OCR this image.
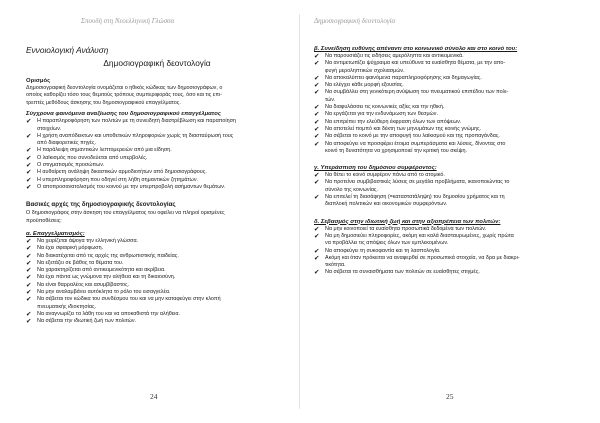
Σπουδή στη Νεοελληνική Γλώσσα
Εννοιολογική Ανάλυση
Δημοσιογραφική δεοντολογία
Ορισμός

Δημοσιογραφική δεοντολογία ονομάζεται ο ηθικός κώδικας των δημοσιογράφων, ο

οποίος καθορίζει τόσο τους θεμιτούς τρόπους συμπεριφοράς τους, όσο και τις επι-

τρεπτές μεθόδους άσκησης του δημοσιογραφικού επαγγέλματος.

Σύγχρονα φαινόμενα αναξίωσης του δημοσιογραφικού επαγγέλματος
✔ Η παραπληροφόρηση των πολιτών με τη συνειδητή διαστρέβλωση και παραποίηση
στοιχείων.
✔ Η χρήση αναπόδεικτων και υποθετικών πληροφοριών χωρίς τη διασταύρωσή τους
από διαφορετικές πηγές.
✔ Η παράλειψη σημαντικών λεπτομερειών από μια είδηση.
✔ Ο λαϊκισμός που συνοδεύεται από υπερβολές.
✔ Ο στιγματισμός προσώπων.
✔ Η αυθαίρετη ανάληψη δικαστικών αρμοδιοτήτων από δημοσιογράφους.
✔ Η υπερπληροφόρηση που οδηγεί στη λήθη σημαντικών ζητημάτων.
✔ Ο αποπροσανατολισμός του κοινού με την υπερπροβολή ασήμαντων θεμάτων.
Βασικές αρχές της δημοσιογραφικής δεοντολογίας

Ο δημοσιογράφος στην άσκηση του επαγγέλματος του οφείλει να πληροί ορισμένες

προϋποθέσεις:

α. Επαγγελματισμός:
✔ Να χειρίζεται άψογα την ελληνική γλώσσα.
✔ Να έχει σφαιρική μόρφωση.
✔ Να διακατέχεται από τις αρχές της ανθρωπιστικής παιδείας.
✔ Να εξετάζει σε βάθος τα θέματα του.
✔ Να χαρακτηρίζεται από αντικειμενικότητα και ακρίβεια.
✔ Να έχει πάντα ως γνώμονα την αλήθεια και τη δικαιοσύνη.
✔ Να είναι θαρραλέος και ασυμβίβαστος.
✔ Να μην αναλαμβάνει αυτόκλητα το ρόλο του εισαγγελέα.
✔ Να σέβεται τον κώδικα του συνδέσμου του και να μην καταφεύγει στην κλοπή
πνευματικής ιδιοκτησίας.
✔ Να αναγνωρίζει τα λάθη του και να αποκαθιστά την αλήθεια.
✔ Να σέβεται την ιδιωτική ζωή των πολιτών.
24
Δημοσιογραφική δεοντολογία
β. Συνείδηση ευθύνης απέναντι στο κοινωνικό σύνολο και στο κοινό του:
✔ Να παρουσιάζει τις ειδήσεις αμερόληπτα και αντικειμενικά.
✔ Να αντιμετωπίζει ψύχραιμα και υπεύθυνα τα ευαίσθητα θέματα, με την απο-
φυγή μεροληπτικών σχολιασμών.
✔ Να αποκαλύπτει φαινόμενα παραπληροφόρησης και δημαγωγίας.
✔ Να ελέγχει κάθε μορφή εξουσίας.
✔ Να συμβάλλει στη γενικότερη ανύψωση του πνευματικού επιπέδου των πολι-
τών.
✔ Να διαφυλάσσει τις κοινωνικές αξίες και την ηθική.
✔ Να εργάζεται για την ενδυνάμωση των θεσμών.
✔ Να επιτρέπει την ελεύθερη έκφραση όλων των απόψεων.
✔ Να αποτελεί πομπό και δέκτη των μηνυμάτων της κοινής γνώμης.
✔ Να σέβεται το κοινό με την αποφυγή του λαϊκισμού και της προπαγάνδας.
✔ Να αποφεύγει να προσφέρει έτοιμα συμπεράσματα και λύσεις, δίνοντας στο
κοινό τη δυνατότητα να χρησιμοποιεί την κριτική του σκέψη.
γ. Υπεράσπιση του δημόσιου συμφέροντος:
✔ Να θέτει το κοινό συμφέρον πάνω από το ατομικό.
✔ Να προτείνει συμβιβαστικές λύσεις σε μεγάλα προβλήματα, ικανοποιώντας το
σύνολο της κοινωνίας.
✔ Να επιτελεί τη διασάφηση (=καταστατάληψη) του δημοσίου χρήματος και τη
διαπλοκή πολιτικών και οικονομικών συμφερόντων.
δ. Σεβασμός στην ιδιωτική ζωή και στην αξιοπρέπεια των πολιτών:
✔ Να μην κοινοποιεί τα ευαίσθητα προσωπικά δεδομένα των πολιτών.
✔ Να μη δημοσιεύει πληροφορίες, ακόμη και καλά διασταυρωμένες, χωρίς πρώτα
να προβάλλει τις απόψεις όλων των εμπλεκομένων.
✔ Να αποφεύγει τη συκοφαντία και τη λασπολογία.
✔ Ακόμη και όταν πρόκειται να αναφερθεί σε προσωπικά στοιχεία, να δρα με διακρι-
τικότητα.
✔ Να σέβεται τα συναισθήματα των πολιτών σε ευαίσθητες στιγμές.
25
